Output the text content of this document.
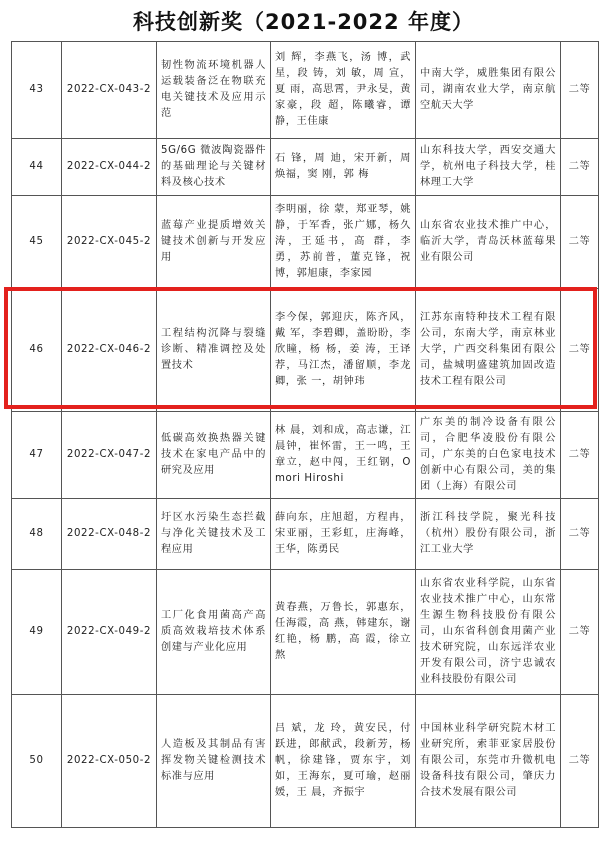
科技创新奖（2021-2022 年度）
43	2022-CX-043-2	韧性物流环境机器人运载装备泛在物联充电关键技术及应用示范	刘 辉，李燕飞，汤 博，武 星，段 铸，刘 敏，周 宣，夏 雨，高思霄，尹永旻，黄家豪，段 超，陈曦睿，谭 静，王佳康	中南大学，威胜集团有限公司，湖南农业大学，南京航空航天大学	二等
44	2022-CX-044-2	5G/6G 微波陶瓷器件的基础理论与关键材料及核心技术	石 锋，周 迪，宋开新，周焕福，窦 刚，郭 梅	山东科技大学，西安交通大学，杭州电子科技大学，桂林理工大学	二等
45	2022-CX-045-2	蓝莓产业提质增效关键技术创新与开发应用	李明丽，徐 蒙，郑亚琴，姚 静，于军香，张广娜，杨久涛，王延书，高 群，李 勇，苏前普，董克锋，祝 博，郭旭康，李家园	山东省农业技术推广中心，临沂大学，青岛沃林蓝莓果业有限公司	二等
46	2022-CX-046-2	工程结构沉降与裂缝诊断、精准调控及处置技术	李今保，郭迎庆，陈齐风，戴 军，李碧卿，盖盼盼，李欣瞳，杨 杨，姜 涛，王译荐，马江杰，潘留顺，李龙卿，张 一，胡钟玮	江苏东南特种技术工程有限公司，东南大学，南京林业大学，广西交科集团有限公司，盐城明盛建筑加固改造技术工程有限公司	二等
47	2022-CX-047-2	低碳高效换热器关键技术在家电产品中的研究及应用	林 晨，刘和成，高志谦，江晨钟，崔怀雷，王一鸣，王章立，赵中闯，王红钢，Omori Hiroshi	广东美的制冷设备有限公司，合肥华凌股份有限公司，广东美的白色家电技术创新中心有限公司，美的集团（上海）有限公司	二等
48	2022-CX-048-2	圩区水污染生态拦截与净化关键技术及工程应用	薛向东，庄旭超，方程冉，宋亚丽，王彩虹，庄海峰，王华，陈勇民	浙江科技学院，聚光科技（杭州）股份有限公司，浙江工业大学	二等
49	2022-CX-049-2	工厂化食用菌高产高质高效栽培技术体系创建与产业化应用	黄春燕，万鲁长，郭惠东，任海霞，高 燕，韩建东，谢红艳，杨 鹏，高 霞，徐立熬	山东省农业科学院，山东省农业技术推广中心，山东常生源生物科技股份有限公司，山东省科创食用菌产业技术研究院，山东远洋农业开发有限公司，济宁忠诚农业科技股份有限公司	二等
50	2022-CX-050-2	人造板及其制品有害挥发物关键检测技术标准与应用	吕 斌，龙 玲，黄安民，付跃进，郎献武，段新芳，杨 帆，徐建锋，贾东宇，刘 如，王海东，夏可瑜，赵丽媛，王 晨，齐振宇	中国林业科学研究院木材工业研究所，索菲亚家居股份有限公司，东莞市升微机电设备科技有限公司，肇庆力合技术发展有限公司	二等
